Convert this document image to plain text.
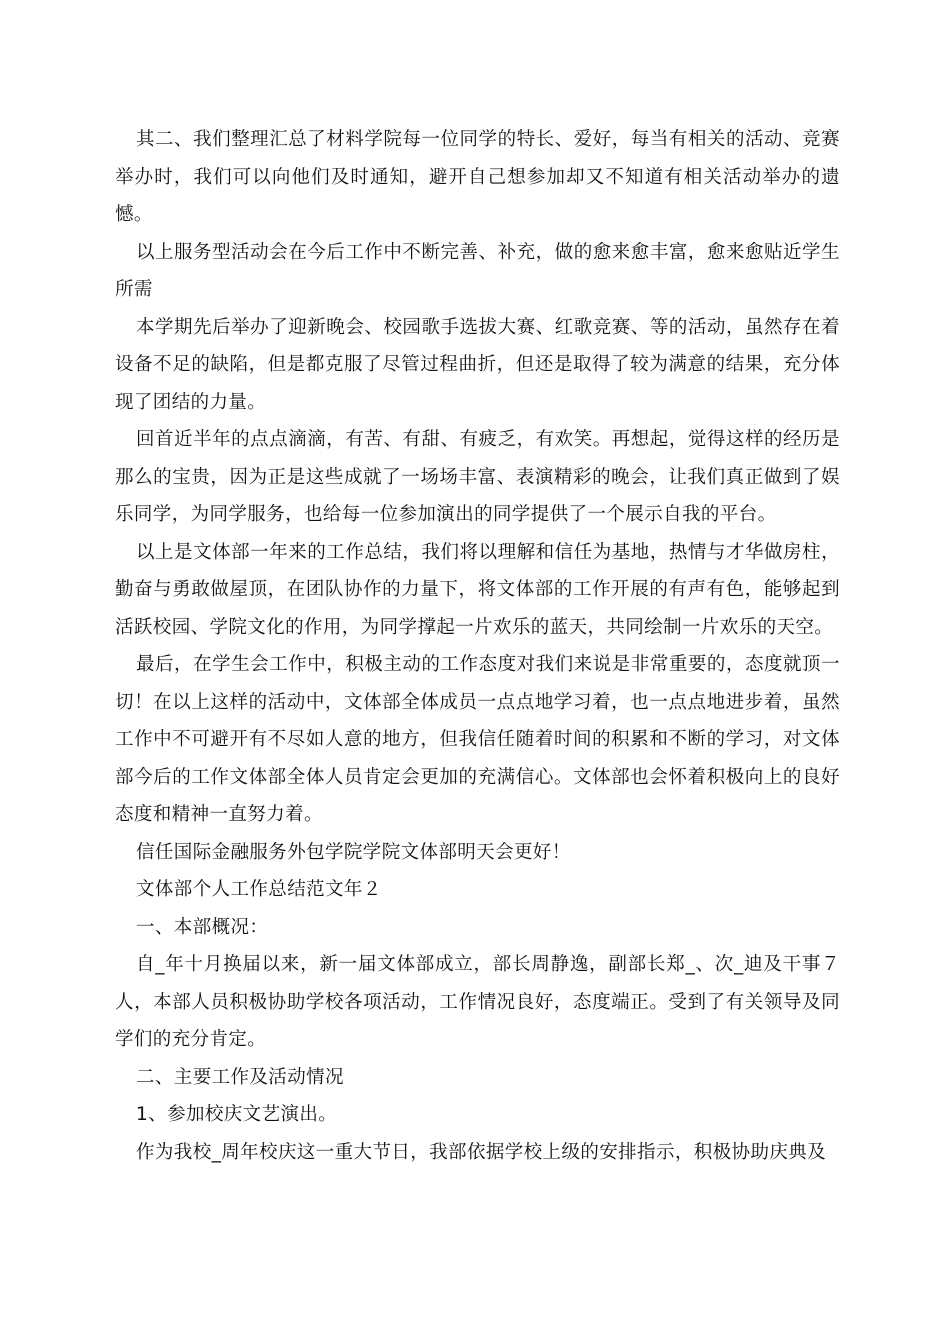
其二、我们整理汇总了材料学院每一位同学的特长、爱好，每当有相关的活动、竞赛举办时，我们可以向他们及时通知，避开自己想参加却又不知道有相关活动举办的遗憾。

以上服务型活动会在今后工作中不断完善、补充，做的愈来愈丰富，愈来愈贴近学生所需

本学期先后举办了迎新晚会、校园歌手选拔大赛、红歌竞赛、等的活动，虽然存在着设备不足的缺陷，但是都克服了尽管过程曲折，但还是取得了较为满意的结果，充分体现了团结的力量。

回首近半年的点点滴滴，有苦、有甜、有疲乏，有欢笑。再想起，觉得这样的经历是那么的宝贵，因为正是这些成就了一场场丰富、表演精彩的晚会，让我们真正做到了娱乐同学，为同学服务，也给每一位参加演出的同学提供了一个展示自我的平台。

以上是文体部一年来的工作总结，我们将以理解和信任为基地，热情与才华做房柱，勤奋与勇敢做屋顶，在团队协作的力量下，将文体部的工作开展的有声有色，能够起到活跃校园、学院文化的作用，为同学撑起一片欢乐的蓝天，共同绘制一片欢乐的天空。

最后，在学生会工作中，积极主动的工作态度对我们来说是非常重要的，态度就顶一切！在以上这样的活动中，文体部全体成员一点点地学习着，也一点点地进步着，虽然工作中不可避开有不尽如人意的地方，但我信任随着时间的积累和不断的学习，对文体部今后的工作文体部全体人员肯定会更加的充满信心。文体部也会怀着积极向上的良好态度和精神一直努力着。

信任国际金融服务外包学院学院文体部明天会更好！

文体部个人工作总结范文年２

一、本部概况：

自_年十月换届以来，新一届文体部成立，部长周静逸，副部长郑_、次_迪及干事７人，本部人员积极协助学校各项活动，工作情况良好，态度端正。受到了有关领导及同学们的充分肯定。

二、主要工作及活动情况

1、参加校庆文艺演出。

作为我校_周年校庆这一重大节日，我部依据学校上级的安排指示，积极协助庆典及
